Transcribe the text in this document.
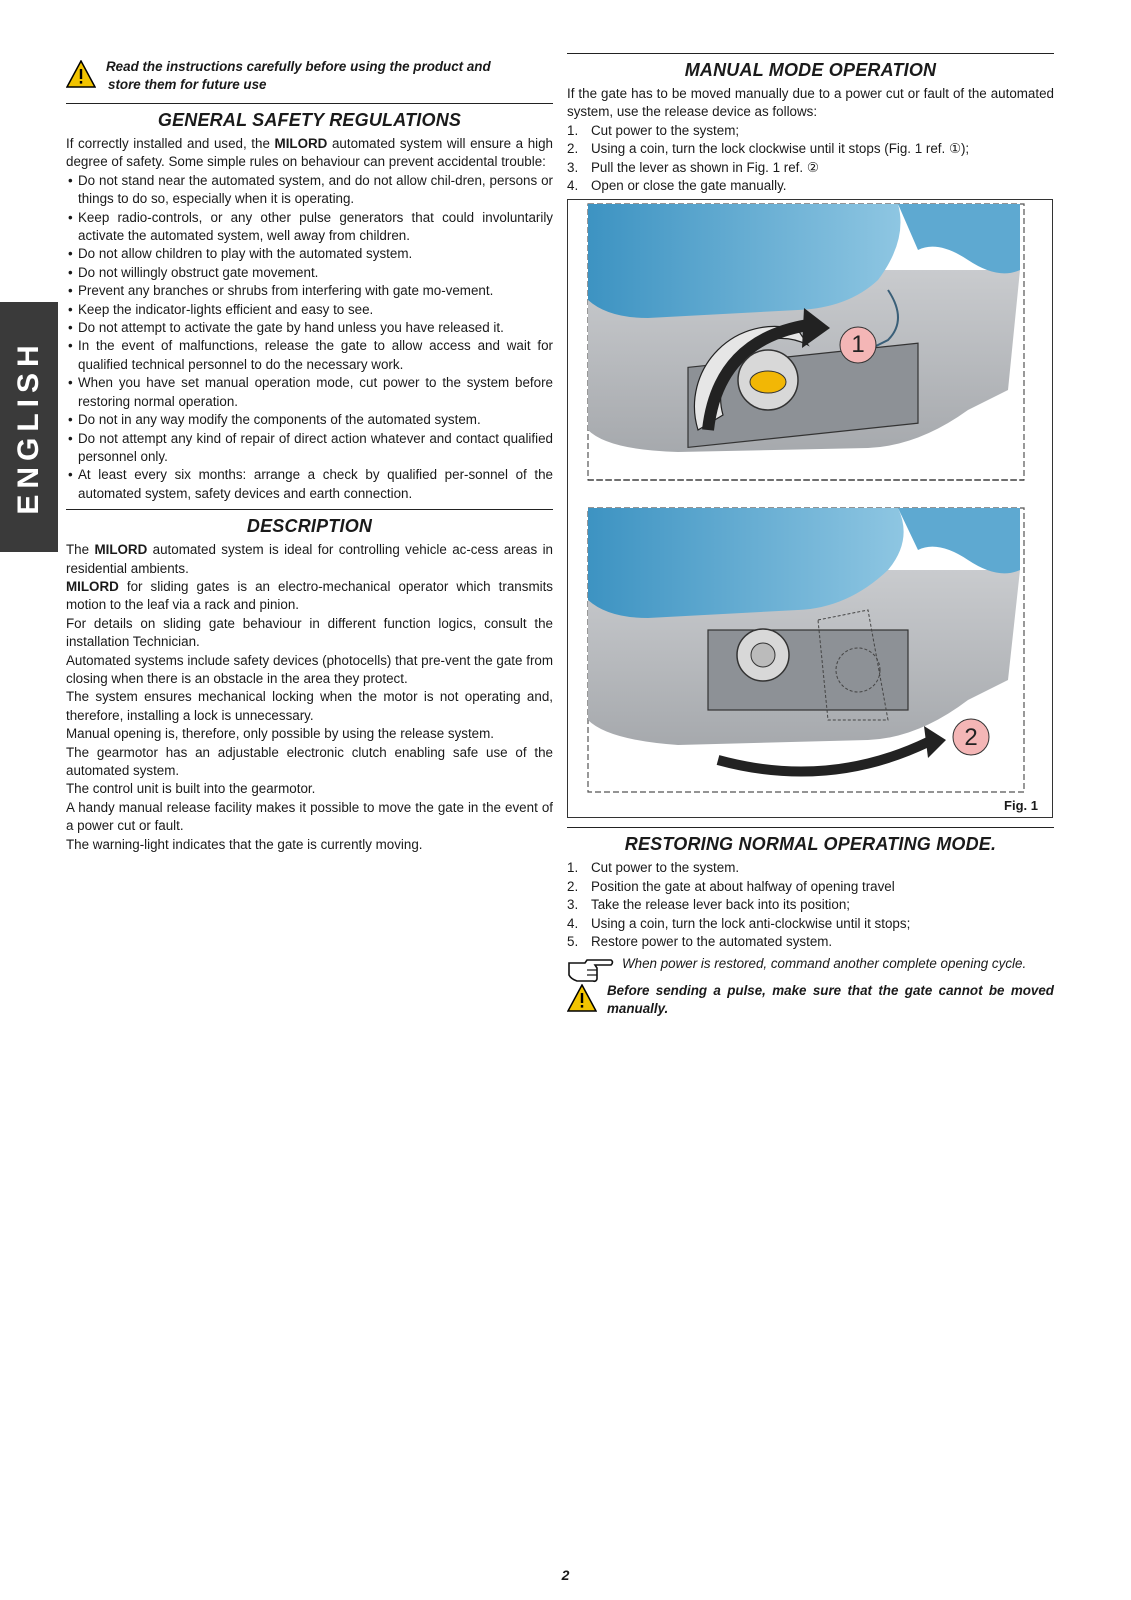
ENGLISH
Read the instructions carefully before using the product and
store them for future use
GENERAL SAFETY REGULATIONS
If correctly installed and used, the MILORD automated system will ensure a high degree of safety. Some simple rules on behaviour can prevent accidental trouble:
• Do not stand near the automated system, and do not allow chil-dren, persons or things to do so, especially when it is operating.
• Keep radio-controls, or any other pulse generators that could involuntarily activate the automated system, well away from children.
• Do not allow children to play with the automated system.
• Do not willingly obstruct gate movement.
• Prevent any branches or shrubs from interfering with gate mo-vement.
• Keep the indicator-lights efficient and easy to see.
• Do not attempt to activate the gate by hand unless you have released it.
• In the event of malfunctions, release the gate to allow access and wait for qualified technical personnel to do the necessary work.
• When you have set manual operation mode, cut power to the system before restoring normal operation.
• Do not in any way modify the components of the automated system.
• Do not attempt any kind of repair of direct action whatever and contact qualified personnel only.
• At least every six months: arrange a check by qualified per-sonnel of the automated system, safety devices and earth connection.
DESCRIPTION

The MILORD automated system is ideal for controlling vehicle ac-cess areas in residential ambients.

MILORD for sliding gates is an electro-mechanical operator which transmits motion to the leaf via a rack and pinion.

For details on sliding gate behaviour in different function logics, consult the installation Technician.

Automated systems include safety devices (photocells) that pre-vent the gate from closing when there is an obstacle in the area they protect.

The system ensures mechanical locking when the motor is not operating and, therefore, installing a lock is unnecessary.

Manual opening is, therefore, only possible by using the release system.

The gearmotor has an adjustable electronic clutch enabling safe use of the automated system.

The control unit is built into the gearmotor.

A handy manual release facility makes it possible to move the gate in the event of a power cut or fault.

The warning-light indicates that the gate is currently moving.

MANUAL MODE OPERATION
If the gate has to be moved manually due to a power cut or fault of the automated system, use the release device as follows:
1. Cut power to the system;
2. Using a coin, turn the lock clockwise until it stops (Fig. 1 ref. ①);
3. Pull the lever as shown in Fig. 1 ref. ②
4. Open or close the gate manually.
1
2
Fig. 1
RESTORING NORMAL OPERATING MODE.
1. Cut power to the system.
2. Position the gate at about halfway of opening travel
3. Take the release lever back into its position;
4. Using a coin, turn the lock anti-clockwise until it stops;
5. Restore power to the automated system.
When power is restored, command another complete opening cycle.
Before sending a pulse, make sure that the gate cannot be moved manually.
2
